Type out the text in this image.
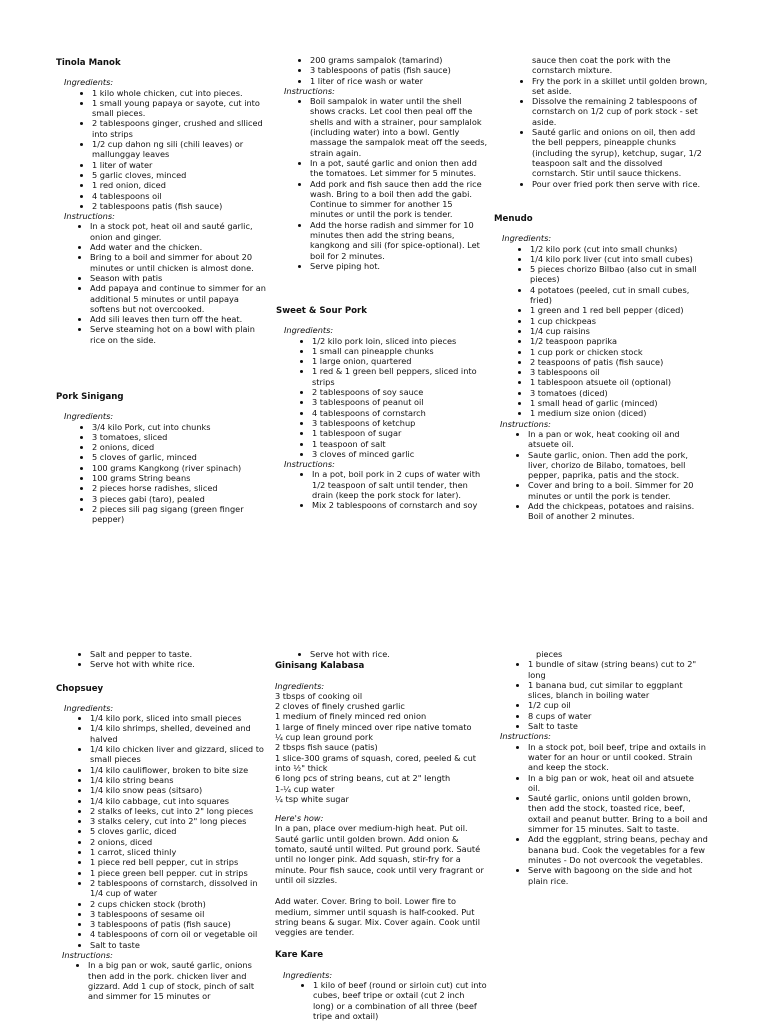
Tinola Manok
Ingredients:
• 1 kilo whole chicken, cut into pieces.
• 1 small young papaya or sayote, cut into small pieces.
• 2 tablespoons ginger, crushed and slliced into strips
• 1/2 cup dahon ng sili (chili leaves) or mallunggay leaves
• 1 liter of water
• 5 garlic cloves, minced
• 1 red onion, diced
• 4 tablespoons oil
• 2 tablespoons patis (fish sauce)
Instructions:
• In a stock pot, heat oil and sauté garlic, onion and ginger.
• Add water and the chicken.
• Bring to a boil and simmer for about 20 minutes or until chicken is almost done.
• Season with patis
• Add papaya and continue to simmer for an additional 5 minutes or until papaya softens but not overcooked.
• Add sili leaves then turn off the heat.
• Serve steaming hot on a bowl with plain rice on the side.
Pork Sinigang
Ingredients:
• 3/4 kilo Pork, cut into chunks
• 3 tomatoes, sliced
• 2 onions, diced
• 5 cloves of garlic, minced
• 100 grams Kangkong (river spinach)
• 100 grams String beans
• 2 pieces horse radishes, sliced
• 3 pieces gabi (taro), pealed
• 2 pieces sili pag sigang (green finger pepper)
• 200 grams sampalok (tamarind)
• 3 tablespoons of patis (fish sauce)
• 1 liter of rice wash or water
Instructions:
• Boil sampalok in water until the shell shows cracks. Let cool then peal off the shells and with a strainer, pour samplalok (including water) into a bowl. Gently massage the sampalok meat off the seeds, strain again.
• In a pot, sauté garlic and onion then add the tomatoes. Let simmer for 5 minutes.
• Add pork and fish sauce then add the rice wash. Bring to a boil then add the gabi. Continue to simmer for another 15 minutes or until the pork is tender.
• Add the horse radish and simmer for 10 minutes then add the string beans, kangkong and sili (for spice-optional). Let boil for 2 minutes.
• Serve piping hot.
Sweet & Sour Pork
Ingredients:
• 1/2 kilo pork loin, sliced into pieces
• 1 small can pineapple chunks
• 1 large onion, quartered
• 1 red & 1 green bell peppers, sliced into strips
• 2 tablespoons of soy sauce
• 3 tablespoons of peanut oil
• 4 tablespoons of cornstarch
• 3 tablespoons of ketchup
• 1 tablespoon of sugar
• 1 teaspoon of salt
• 3 cloves of minced garlic
Instructions:
• In a pot, boil pork in 2 cups of water with 1/2 teaspoon of salt until tender, then drain (keep the pork stock for later).
• Mix 2 tablespoons of cornstarch and soy
sauce then coat the pork with the cornstarch mixture.
• Fry the pork in a skillet until golden brown, set aside.
• Dissolve the remaining 2 tablespoons of cornstarch on 1/2 cup of pork stock - set aside.
• Sauté garlic and onions on oil, then add the bell peppers, pineapple chunks (including the syrup), ketchup, sugar, 1/2 teaspoon salt and the dissolved cornstarch. Stir until sauce thickens.
• Pour over fried pork then serve with rice.
Menudo
Ingredients:
• 1/2 kilo pork (cut into small chunks)
• 1/4 kilo pork liver (cut into small cubes)
• 5 pieces chorizo Bilbao (also cut in small pieces)
• 4 potatoes (peeled, cut in small cubes, fried)
• 1 green and 1 red bell pepper (diced)
• 1 cup chickpeas
• 1/4 cup raisins
• 1/2 teaspoon paprika
• 1 cup pork or chicken stock
• 2 teaspoons of patis (fish sauce)
• 3 tablespoons oil
• 1 tablespoon atsuete oil (optional)
• 3 tomatoes (diced)
• 1 small head of garlic (minced)
• 1 medium size onion (diced)
Instructions:
• In a pan or wok, heat cooking oil and atsuete oil.
• Saute garlic, onion. Then add the pork, liver, chorizo de Bilabo, tomatoes, bell pepper, paprika, patis and the stock.
• Cover and bring to a boil. Simmer for 20 minutes or until the pork is tender.
• Add the chickpeas, potatoes and raisins. Boil of another 2 minutes.
• Salt and pepper to taste.
• Serve hot with white rice.
Chopsuey
Ingredients:
• 1/4 kilo pork, sliced into small pieces
• 1/4 kilo shrimps, shelled, deveined and halved
• 1/4 kilo chicken liver and gizzard, sliced to small pieces
• 1/4 kilo cauliflower, broken to bite size
• 1/4 kilo string beans
• 1/4 kilo snow peas (sitsaro)
• 1/4 kilo cabbage, cut into squares
• 2 stalks of leeks, cut into 2" long pieces
• 3 stalks celery, cut into 2" long pieces
• 5 cloves garlic, diced
• 2 onions, diced
• 1 carrot, sliced thinly
• 1 piece red bell pepper, cut in strips
• 1 piece green bell pepper. cut in strips
• 2 tablespoons of cornstarch, dissolved in 1/4 cup of water
• 2 cups chicken stock (broth)
• 3 tablespoons of sesame oil
• 3 tablespoons of patis (fish sauce)
• 4 tablespoons of corn oil or vegetable oil
• Salt to taste
Instructions:
• In a big pan or wok, sauté garlic, onions then add in the pork. chicken liver and gizzard. Add 1 cup of stock, pinch of salt and simmer for 15 minutes or
• Serve hot with rice.
Ginisang Kalabasa
Ingredients:
3 tbsps of cooking oil
2 cloves of finely crushed garlic
1 medium of finely minced red onion
1 large of finely minced over ripe native tomato
¼ cup lean ground pork
2 tbsps fish sauce (patis)
1 slice-300 grams of squash, cored, peeled & cut into ½" thick
6 long pcs of string beans, cut at 2" length
1-¼ cup water
¼ tsp white sugar
Here's how:
In a pan, place over medium-high heat. Put oil. Sauté garlic until golden brown. Add onion & tomato, sauté until wilted. Put ground pork. Sauté until no longer pink. Add squash, stir-fry for a minute. Pour fish sauce, cook until very fragrant or until oil sizzles.
Add water. Cover. Bring to boil. Lower fire to medium, simmer until squash is half-cooked. Put string beans & sugar. Mix. Cover again. Cook until veggies are tender.
Kare Kare
Ingredients:
• 1 kilo of beef (round or sirloin cut) cut into cubes, beef tripe or oxtail (cut 2 inch long) or a combination of all three (beef tripe and oxtail)
pieces
• 1 bundle of sitaw (string beans) cut to 2" long
• 1 banana bud, cut similar to eggplant slices, blanch in boiling water
• 1/2 cup oil
• 8 cups of water
• Salt to taste
Instructions:
• In a stock pot, boil beef, tripe and oxtails in water for an hour or until cooked. Strain and keep the stock.
• In a big pan or wok, heat oil and atsuete oil.
• Sauté garlic, onions until golden brown, then add the stock, toasted rice, beef, oxtail and peanut butter. Bring to a boil and simmer for 15 minutes. Salt to taste.
• Add the eggplant, string beans, pechay and banana bud. Cook the vegetables for a few minutes - Do not overcook the vegetables.
• Serve with bagoong on the side and hot plain rice.
